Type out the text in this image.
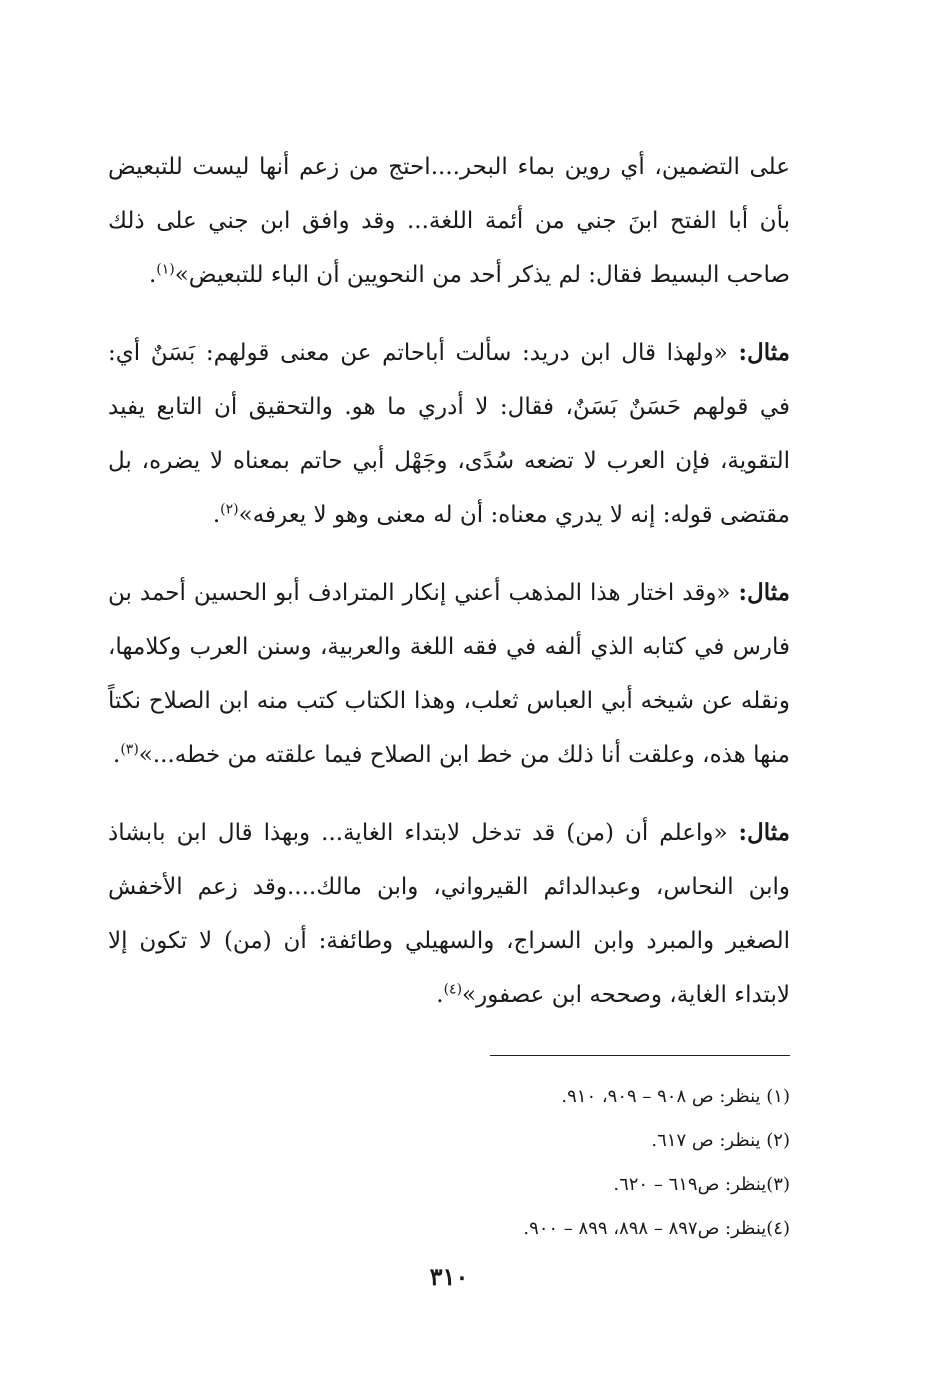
على التضمين، أي روين بماء البحر....احتج من زعم أنها ليست للتبعيض بأن أبا الفتح ابنَ جني من أئمة اللغة... وقد وافق ابن جني على ذلك صاحب البسيط فقال: لم يذكر أحد من النحويين أن الباء للتبعيض»$^{(١)}$.

مثال: «ولهذا قال ابن دريد: سألت أباحاتم عن معنى قولهم: بَسَنٌ أي: في قولهم حَسَنٌ بَسَنٌ، فقال: لا أدري ما هو. والتحقيق أن التابع يفيد التقوية، فإن العرب لا تضعه سُدًى، وجَهْل أبي حاتم بمعناه لا يضره، بل مقتضى قوله: إنه لا يدري معناه: أن له معنى وهو لا يعرفه»$^{(٢)}$.

مثال: «وقد اختار هذا المذهب أعني إنكار المترادف أبو الحسين أحمد بن فارس في كتابه الذي ألفه في فقه اللغة والعربية، وسنن العرب وكلامها، ونقله عن شيخه أبي العباس ثعلب، وهذا الكتاب كتب منه ابن الصلاح نكتاً منها هذه، وعلقت أنا ذلك من خط ابن الصلاح فيما علقته من خطه...»$^{(٣)}$.

مثال: «واعلم أن (من) قد تدخل لابتداء الغاية... وبهذا قال ابن بابشاذ وابن النحاس، وعبدالدائم القيرواني، وابن مالك....وقد زعم الأخفش الصغير والمبرد وابن السراج، والسهيلي وطائفة: أن (من) لا تكون إلا لابتداء الغاية، وصححه ابن عصفور»$^{(٤)}$.

(١) ينظر: ص ٩٠٨ – ٩٠٩، ٩١٠.

(٢) ينظر: ص ٦١٧.

(٣)ينظر: ص٦١٩ – ٦٢٠.

(٤)ينظر: ص٨٩٧ – ٨٩٨، ٨٩٩ – ٩٠٠.

٣١٠
